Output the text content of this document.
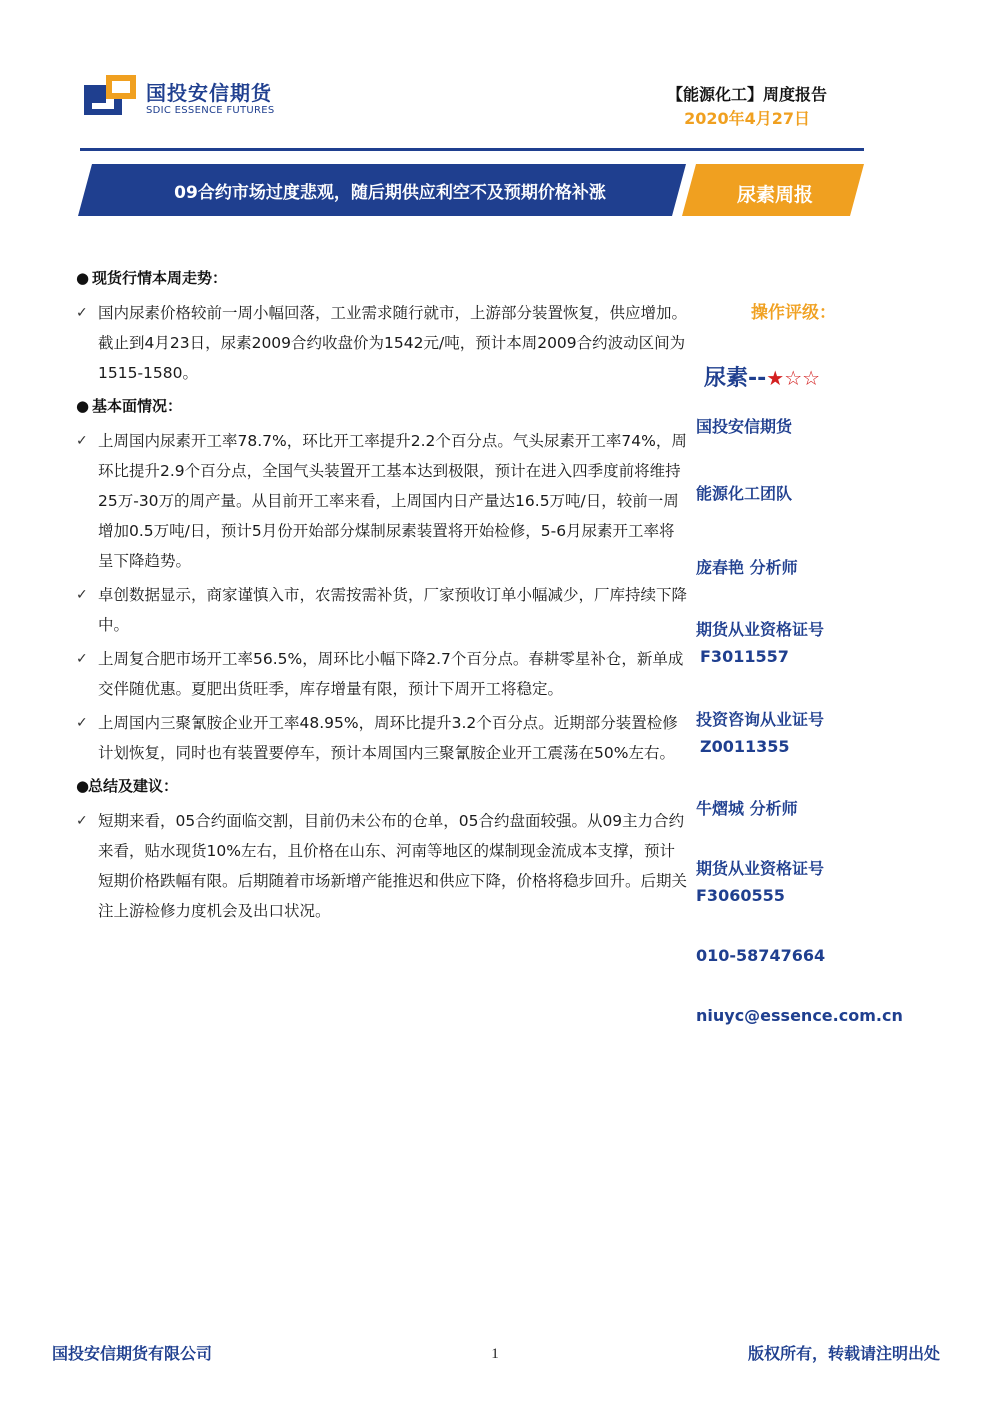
国投安信期货
SDIC ESSENCE FUTURES
【能源化工】周度报告
2020年4月27日
09合约市场过度悲观，随后期供应利空不及预期价格补涨	尿素周报
● 现货行情本周走势：
✓ 国内尿素价格较前一周小幅回落，工业需求随行就市，上游部分装置恢复，供应增加。截止到4月23日，尿素2009合约收盘价为1542元/吨，预计本周2009合约波动区间为1515-1580。
● 基本面情况：
✓ 上周国内尿素开工率78.7%，环比开工率提升2.2个百分点。气头尿素开工率74%，周环比提升2.9个百分点，全国气头装置开工基本达到极限，预计在进入四季度前将维持25万-30万的周产量。从目前开工率来看，上周国内日产量达16.5万吨/日，较前一周增加0.5万吨/日，预计5月份开始部分煤制尿素装置将开始检修，5-6月尿素开工率将呈下降趋势。
✓ 卓创数据显示，商家谨慎入市，农需按需补货，厂家预收订单小幅减少，厂库持续下降中。
✓ 上周复合肥市场开工率56.5%，周环比小幅下降2.7个百分点。春耕零星补仓，新单成交伴随优惠。夏肥出货旺季，库存增量有限，预计下周开工将稳定。
✓ 上周国内三聚氰胺企业开工率48.95%，周环比提升3.2个百分点。近期部分装置检修计划恢复，同时也有装置要停车，预计本周国内三聚氰胺企业开工震荡在50%左右。
●总结及建议：
✓ 短期来看，05合约面临交割，目前仍未公布的仓单，05合约盘面较强。从09主力合约来看，贴水现货10%左右，且价格在山东、河南等地区的煤制现金流成本支撑，预计短期价格跌幅有限。后期随着市场新增产能推迟和供应下降，价格将稳步回升。后期关注上游检修力度机会及出口状况。
操作评级：
尿素--★☆☆
国投安信期货
能源化工团队
庞春艳 分析师
期货从业资格证号
F3011557
投资咨询从业证号
Z0011355
牛熠城 分析师
期货从业资格证号
F3060555
010-58747664
niuyc@essence.com.cn
国投安信期货有限公司	1	版权所有，转载请注明出处
